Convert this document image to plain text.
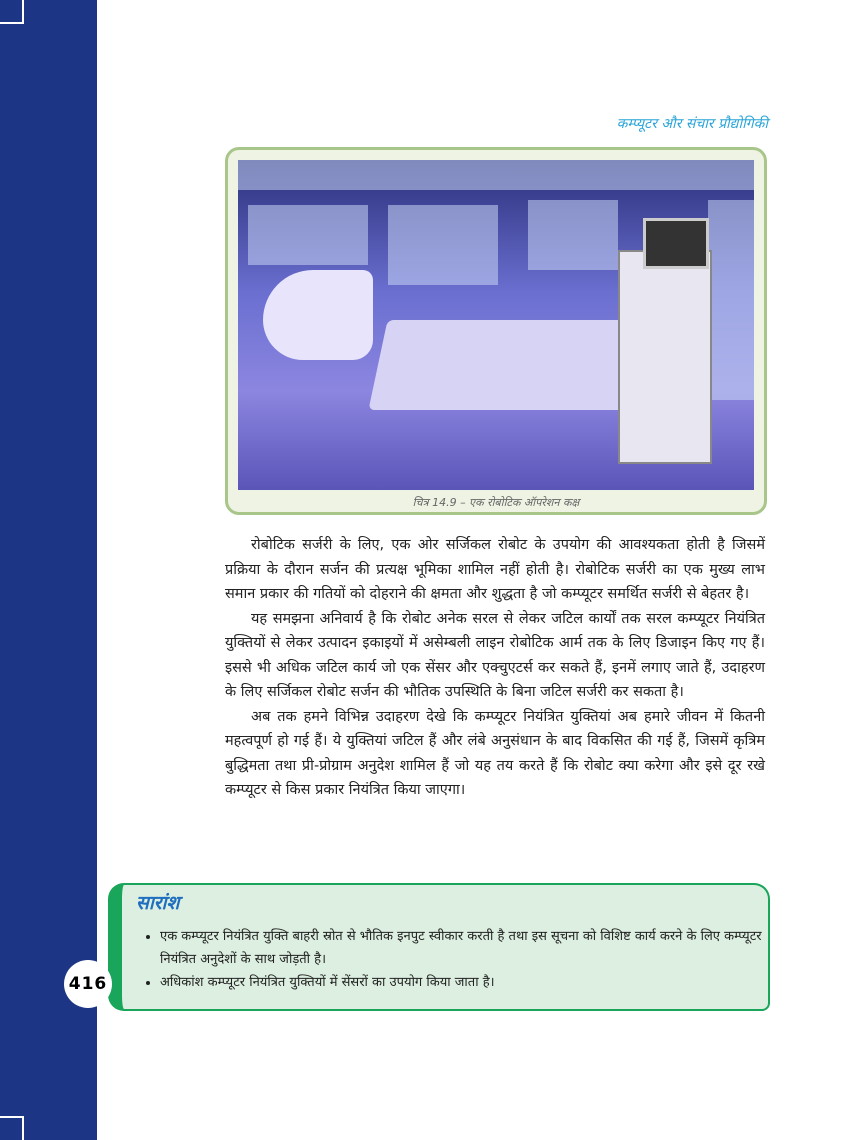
कम्प्यूटर और संचार प्रौद्योगिकी
चित्र 14.9 – एक रोबोटिक ऑपरेशन कक्ष

रोबोटिक सर्जरी के लिए, एक ओर सर्जिकल रोबोट के उपयोग की आवश्यकता होती है जिसमें प्रक्रिया के दौरान सर्जन की प्रत्यक्ष भूमिका शामिल नहीं होती है। रोबोटिक सर्जरी का एक मुख्य लाभ समान प्रकार की गतियों को दोहराने की क्षमता और शुद्धता है जो कम्प्यूटर समर्थित सर्जरी से बेहतर है।

यह समझना अनिवार्य है कि रोबोट अनेक सरल से लेकर जटिल कार्यों तक सरल कम्प्यूटर नियंत्रित युक्तियों से लेकर उत्पादन इकाइयों में असेम्बली लाइन रोबोटिक आर्म तक के लिए डिजाइन किए गए हैं। इससे भी अधिक जटिल कार्य जो एक सेंसर और एक्चुएटर्स कर सकते हैं, इनमें लगाए जाते हैं, उदाहरण के लिए सर्जिकल रोबोट सर्जन की भौतिक उपस्थिति के बिना जटिल सर्जरी कर सकता है।

अब तक हमने विभिन्न उदाहरण देखे कि कम्प्यूटर नियंत्रित युक्तियां अब हमारे जीवन में कितनी महत्वपूर्ण हो गई हैं। ये युक्तियां जटिल हैं और लंबे अनुसंधान के बाद विकसित की गई हैं, जिसमें कृत्रिम बुद्धिमता तथा प्री-प्रोग्राम अनुदेश शामिल हैं जो यह तय करते हैं कि रोबोट क्या करेगा और इसे दूर रखे कम्प्यूटर से किस प्रकार नियंत्रित किया जाएगा।

सारांश
• एक कम्प्यूटर नियंत्रित युक्ति बाहरी स्रोत से भौतिक इनपुट स्वीकार करती है तथा इस सूचना को विशिष्ट कार्य करने के लिए कम्प्यूटर नियंत्रित अनुदेशों के साथ जोड़ती है।
• अधिकांश कम्प्यूटर नियंत्रित युक्तियों में सेंसरों का उपयोग किया जाता है।
416
